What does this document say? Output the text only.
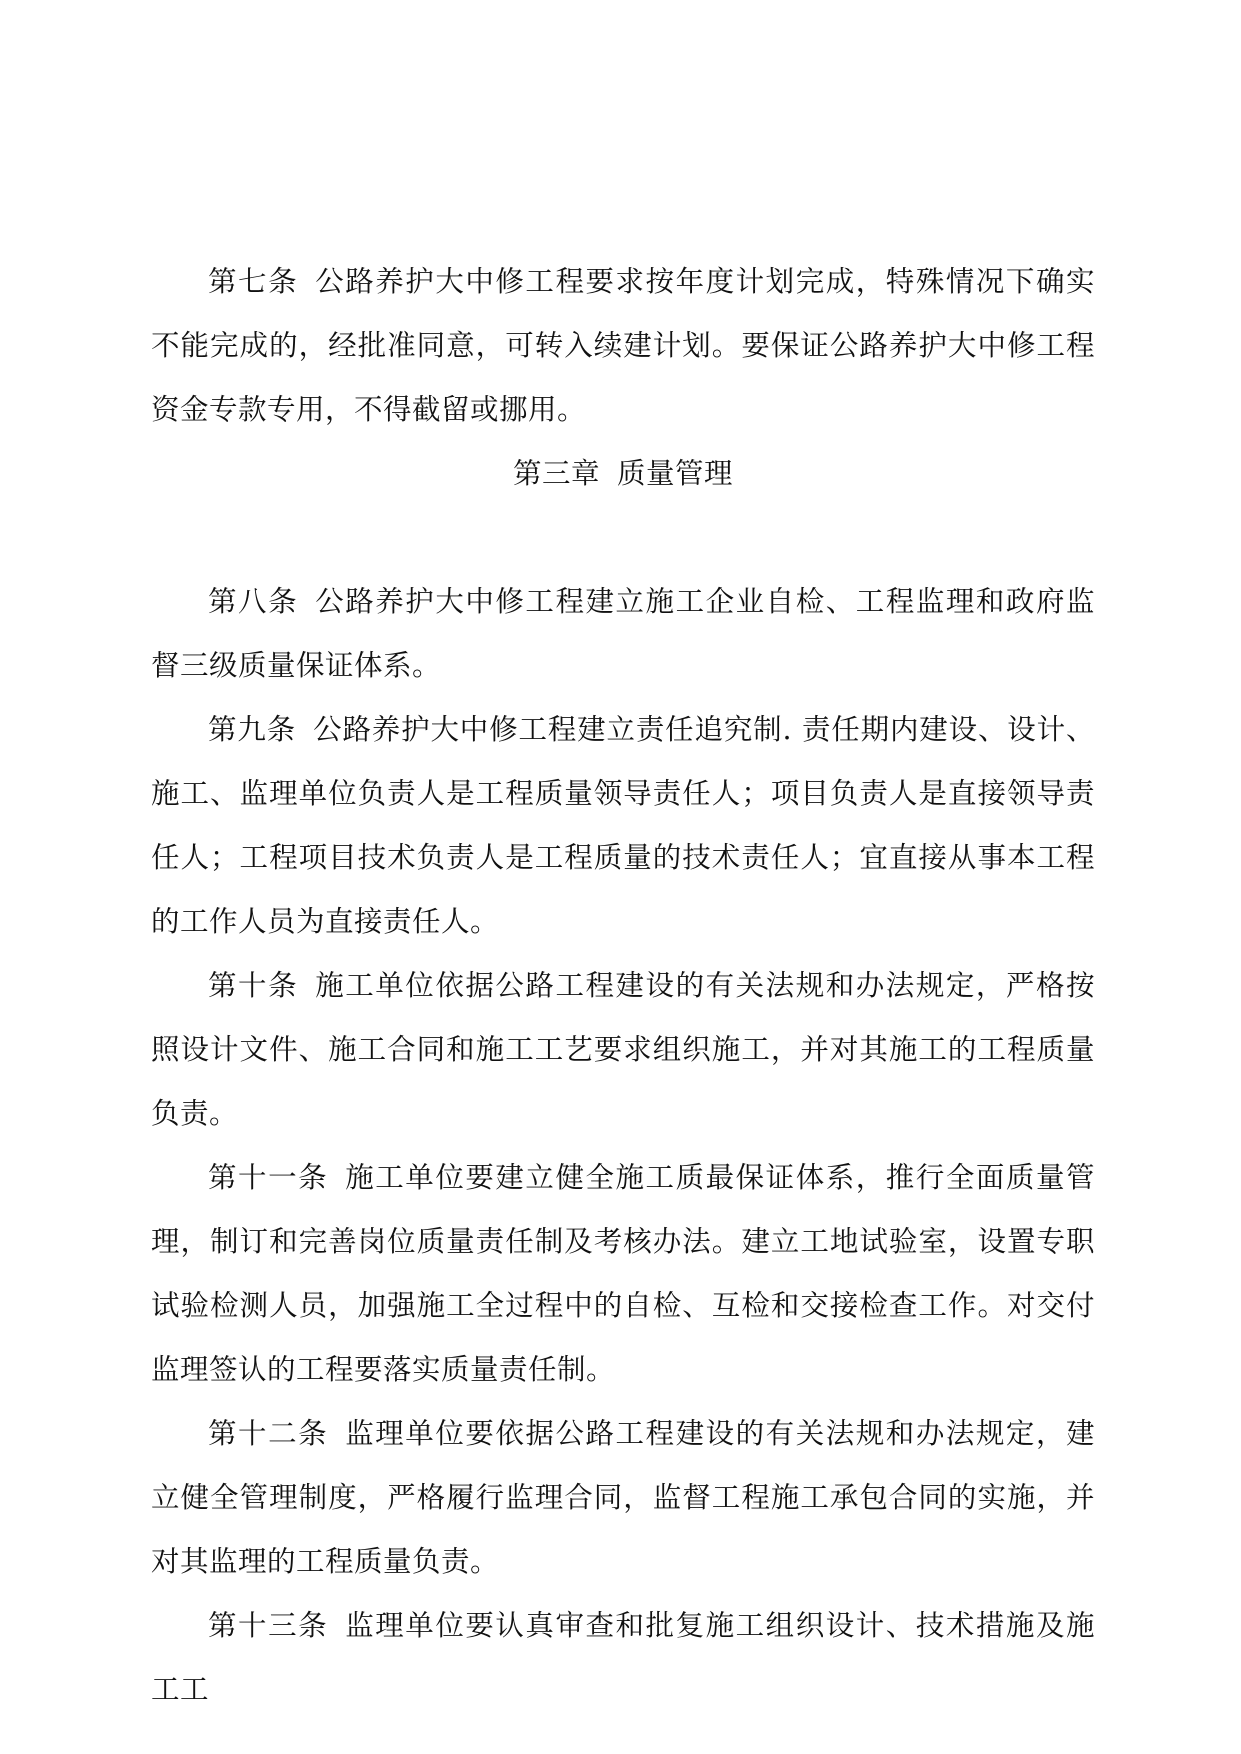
第七条 公路养护大中修工程要求按年度计划完成，特殊情况下确实不能完成的，经批准同意，可转入续建计划。要保证公路养护大中修工程资金专款专用，不得截留或挪用。

第三章 质量管理

第八条 公路养护大中修工程建立施工企业自检、工程监理和政府监督三级质量保证体系。

第九条 公路养护大中修工程建立责任追究制. 责任期内建设、设计、施工、监理单位负责人是工程质量领导责任人；项目负责人是直接领导责任人；工程项目技术负责人是工程质量的技术责任人；宜直接从事本工程的工作人员为直接责任人。

第十条 施工单位依据公路工程建设的有关法规和办法规定，严格按照设计文件、施工合同和施工工艺要求组织施工，并对其施工的工程质量负责。

第十一条 施工单位要建立健全施工质最保证体系，推行全面质量管理，制订和完善岗位质量责任制及考核办法。建立工地试验室，设置专职试验检测人员，加强施工全过程中的自检、互检和交接检查工作。对交付监理签认的工程要落实质量责任制。

第十二条 监理单位要依据公路工程建设的有关法规和办法规定，建立健全管理制度，严格履行监理合同，监督工程施工承包合同的实施，并对其监理的工程质量负责。

第十三条 监理单位要认真审查和批复施工组织设计、技术措施及施工工
